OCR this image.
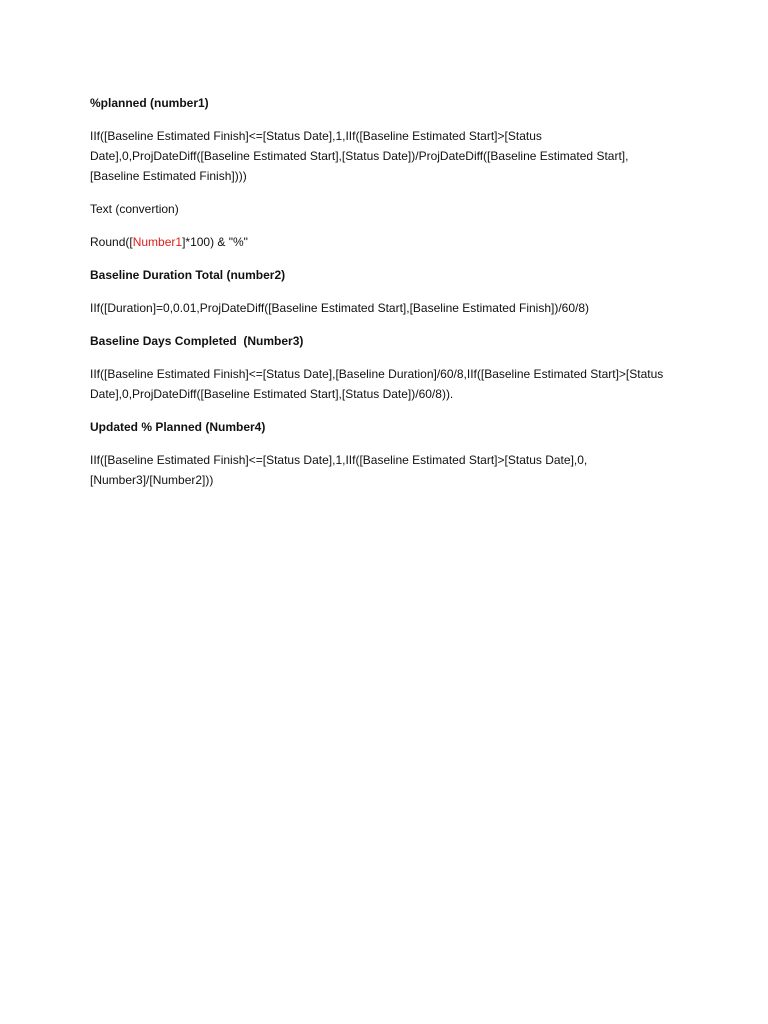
%planned (number1)

IIf([Baseline Estimated Finish]<=[Status Date],1,IIf([Baseline Estimated Start]>[Status Date],0,ProjDateDiff([Baseline Estimated Start],[Status Date])/ProjDateDiff([Baseline Estimated Start],[Baseline Estimated Finish])))

Text (convertion)

Round([Number1]*100) & "%"

Baseline Duration Total (number2)

IIf([Duration]=0,0.01,ProjDateDiff([Baseline Estimated Start],[Baseline Estimated Finish])/60/8)

Baseline Days Completed  (Number3)

IIf([Baseline Estimated Finish]<=[Status Date],[Baseline Duration]/60/8,IIf([Baseline Estimated Start]>[Status Date],0,ProjDateDiff([Baseline Estimated Start],[Status Date])/60/8)).

Updated % Planned (Number4)

IIf([Baseline Estimated Finish]<=[Status Date],1,IIf([Baseline Estimated Start]>[Status Date],0,[Number3]/[Number2]))
